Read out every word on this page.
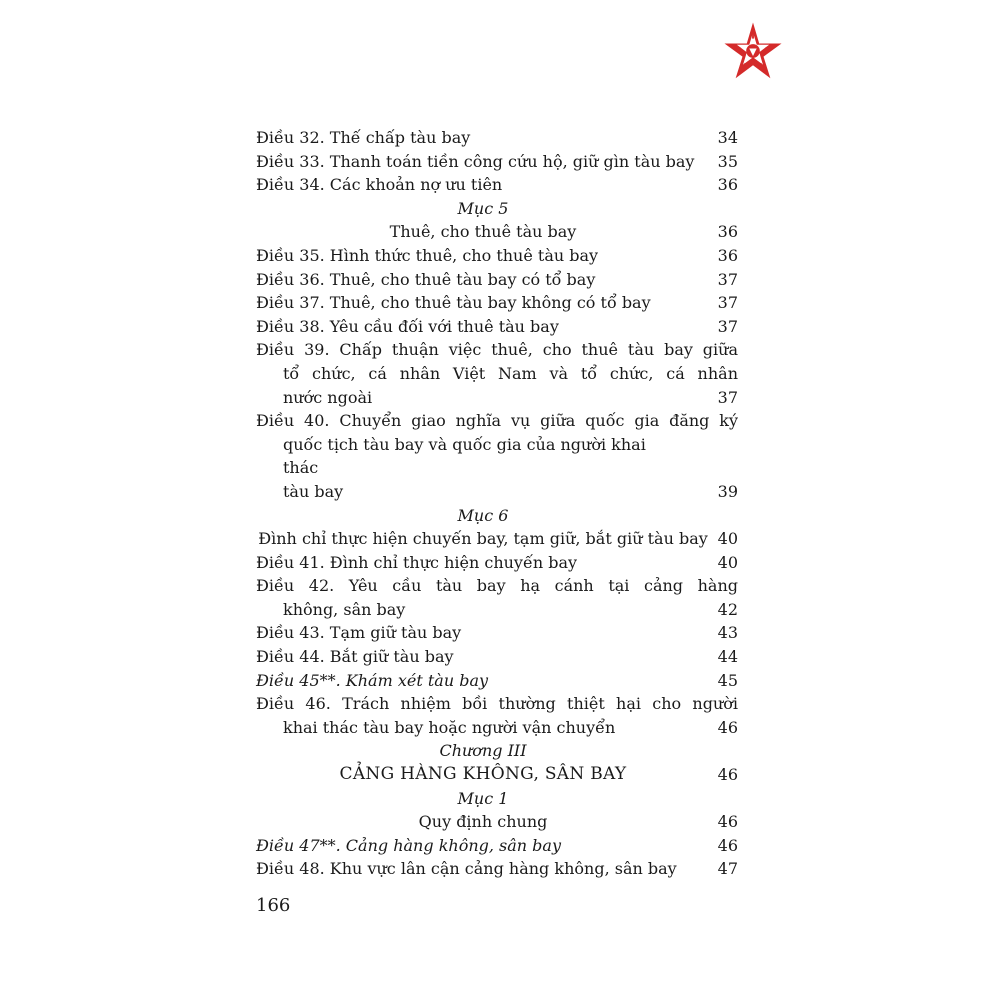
Điều 32. Thế chấp tàu bay	34
Điều 33. Thanh toán tiền công cứu hộ, giữ gìn tàu bay	35
Điều 34. Các khoản nợ ưu tiên	36
Mục 5
Thuê, cho thuê tàu bay	36
Điều 35. Hình thức thuê, cho thuê tàu bay	36
Điều 36. Thuê, cho thuê tàu bay có tổ bay	37
Điều 37. Thuê, cho thuê tàu bay không có tổ bay	37
Điều 38. Yêu cầu đối với thuê tàu bay	37
Điều 39. Chấp thuận việc thuê, cho thuê tàu bay giữa
tổ chức, cá nhân Việt Nam và tổ chức, cá nhân
nước ngoài	37
Điều 40. Chuyển giao nghĩa vụ giữa quốc gia đăng ký
quốc tịch tàu bay và quốc gia của người khai thác
tàu bay	39
Mục 6
Đình chỉ thực hiện chuyến bay, tạm giữ, bắt giữ tàu bay 40
Điều 41. Đình chỉ thực hiện chuyến bay	40
Điều 42. Yêu cầu tàu bay hạ cánh tại cảng hàng
không, sân bay	42
Điều 43. Tạm giữ tàu bay	43
Điều 44. Bắt giữ tàu bay	44
Điều 45**. Khám xét tàu bay	45
Điều 46. Trách nhiệm bồi thường thiệt hại cho người
khai thác tàu bay hoặc người vận chuyển	46
Chương III
CẢNG HÀNG KHÔNG, SÂN BAY	46
Mục 1
Quy định chung	46
Điều 47**. Cảng hàng không, sân bay	46
Điều 48. Khu vực lân cận cảng hàng không, sân bay	47
166
